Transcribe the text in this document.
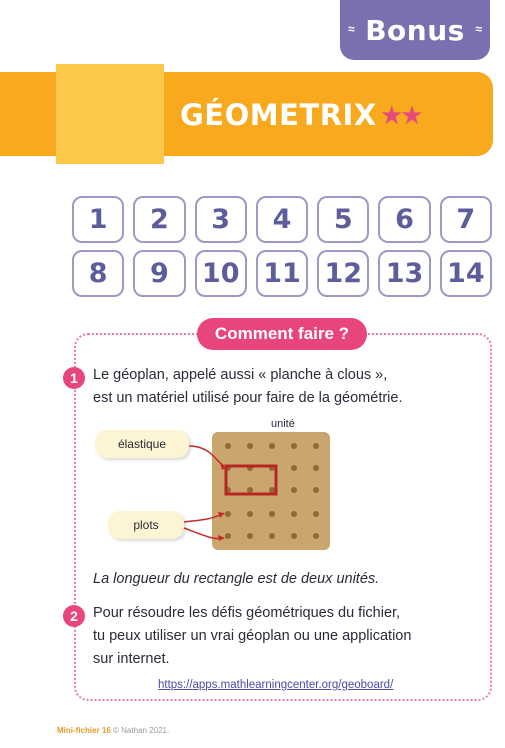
≈ Bonus ≈
GÉOMETRIX ★★
1	2	3	4	5	6	7
8	9	10 11 12 13 14
Comment faire ?
1	Le géoplan, appelé aussi « planche à clous »,
est un matériel utilisé pour faire de la géométrie.
unité
élastique
plots
La longueur du rectangle est de deux unités.
2	Pour résoudre les défis géométriques du fichier,
tu peux utiliser un vrai géoplan ou une application
sur internet.
https://apps.mathlearningcenter.org/geoboard/
Mini-fichier 16 © Nathan 2021.
